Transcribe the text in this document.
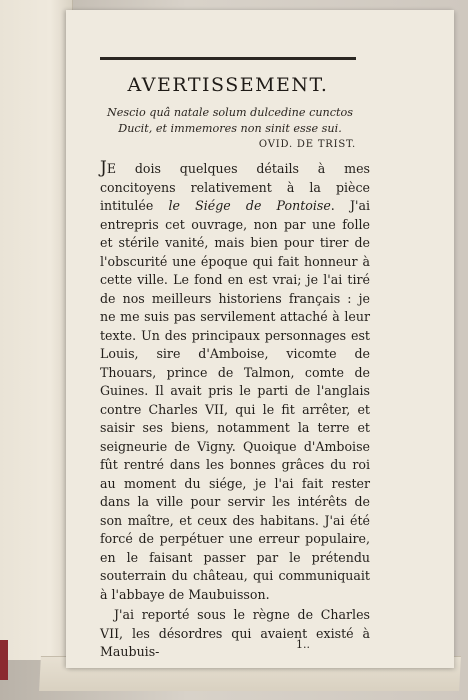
AVERTISSEMENT.
Nescio quâ natale solum dulcedine cunctos
Ducit, et immemores non sinit esse sui.
OVID. DE TRIST.

JE dois quelques détails à mes concitoyens relativement à la pièce intitulée le Siége de Pontoise. J'ai entrepris cet ouvrage, non par une folle et stérile vanité, mais bien pour tirer de l'obscurité une époque qui fait honneur à cette ville. Le fond en est vrai; je l'ai tiré de nos meilleurs historiens français : je ne me suis pas servilement attaché à leur texte. Un des principaux personnages est Louis, sire d'Amboise, vicomte de Thouars, prince de Talmon, comte de Guines. Il avait pris le parti de l'anglais contre Charles VII, qui le fit arrêter, et saisir ses biens, notamment la terre et seigneurie de Vigny. Quoique d'Amboise fût rentré dans les bonnes grâces du roi au moment du siége, je l'ai fait rester dans la ville pour servir les intérêts de son maître, et ceux des habitans. J'ai été forcé de perpétuer une erreur populaire, en le faisant passer par le prétendu souterrain du château, qui communiquait à l'abbaye de Maubuisson.

J'ai reporté sous le règne de Charles VII, les désordres qui avaient existé à Maubuis-	1..
